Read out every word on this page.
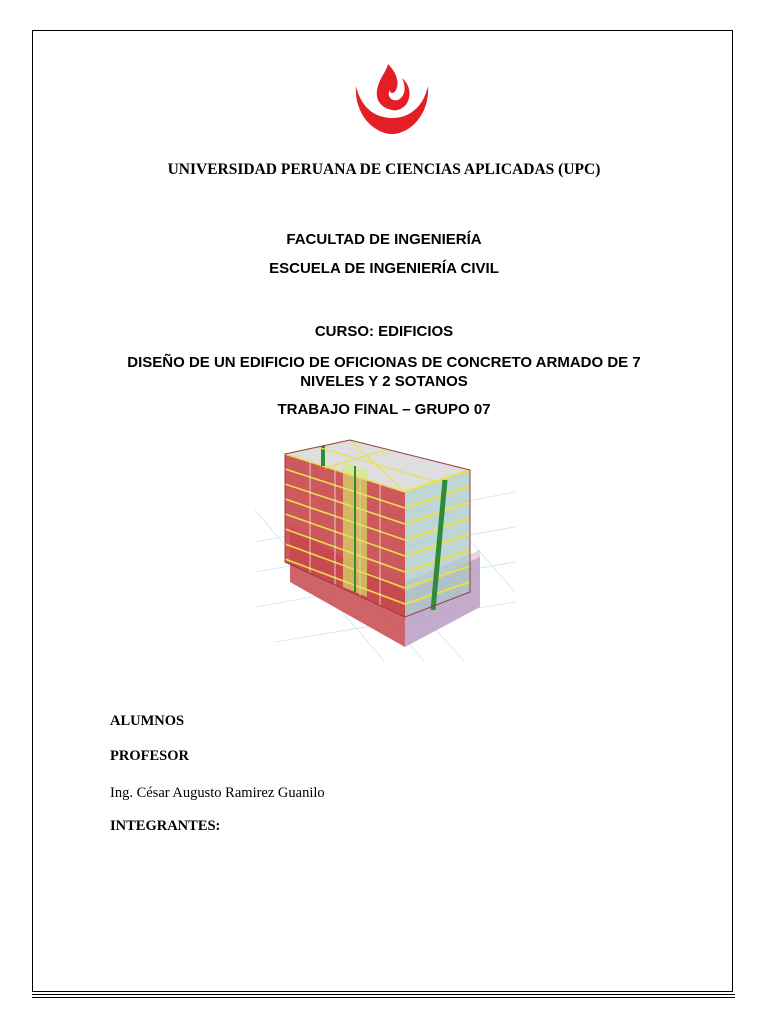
UNIVERSIDAD PERUANA DE CIENCIAS APLICADAS (UPC)
FACULTAD DE INGENIERÍA
ESCUELA DE INGENIERÍA CIVIL
CURSO: EDIFICIOS
DISEÑO DE UN EDIFICIO DE OFICIONAS DE CONCRETO ARMADO DE 7 NIVELES Y 2 SOTANOS
TRABAJO FINAL – GRUPO 07
ALUMNOS
PROFESOR
Ing. César Augusto Ramirez Guanilo
INTEGRANTES:
